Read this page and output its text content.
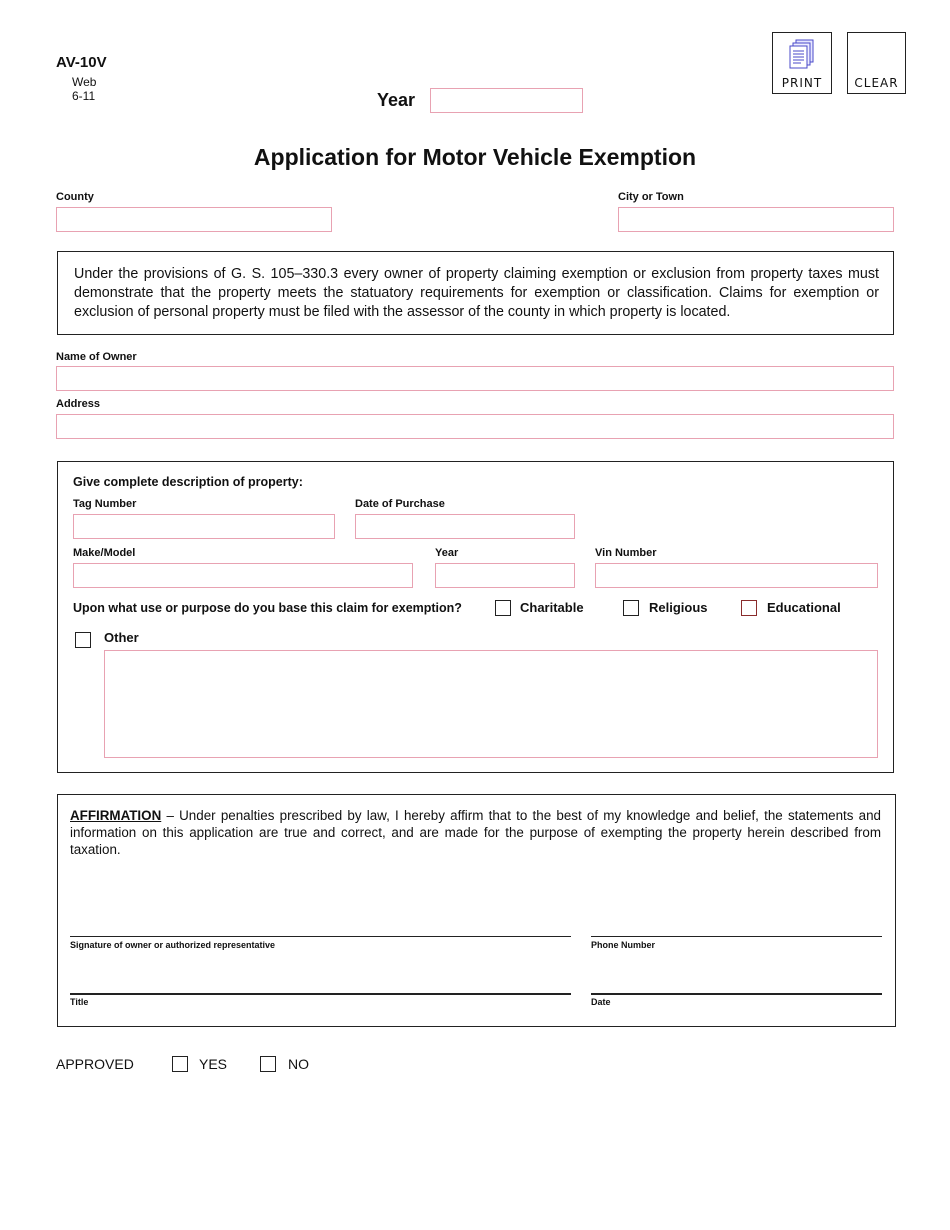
AV-10V
Web
6-11	Year
PRINT	CLEAR
Application for Motor Vehicle Exemption
County	City or Town
Under the provisions of G. S. 105–330.3 every owner of property claiming exemption or exclusion from property taxes must demonstrate that the property meets the statuatory requirements for exemption or classification. Claims for exemption or exclusion of personal property must be filed with the assessor of the county in which property is located.
Name of Owner
Address
Give complete description of property:
Tag Number	Date of Purchase
Make/Model	Year	Vin Number
Upon what use or purpose do you base this claim for exemption?	Charitable	Religious	Educational
Other
AFFIRMATION – Under penalties prescribed by law, I hereby affirm that to the best of my knowledge and belief, the statements and information on this application are true and correct, and are made for the purpose of exempting the property herein described from taxation.
Signature of owner or authorized representative	Phone Number
Title	Date
APPROVED	YES	NO
